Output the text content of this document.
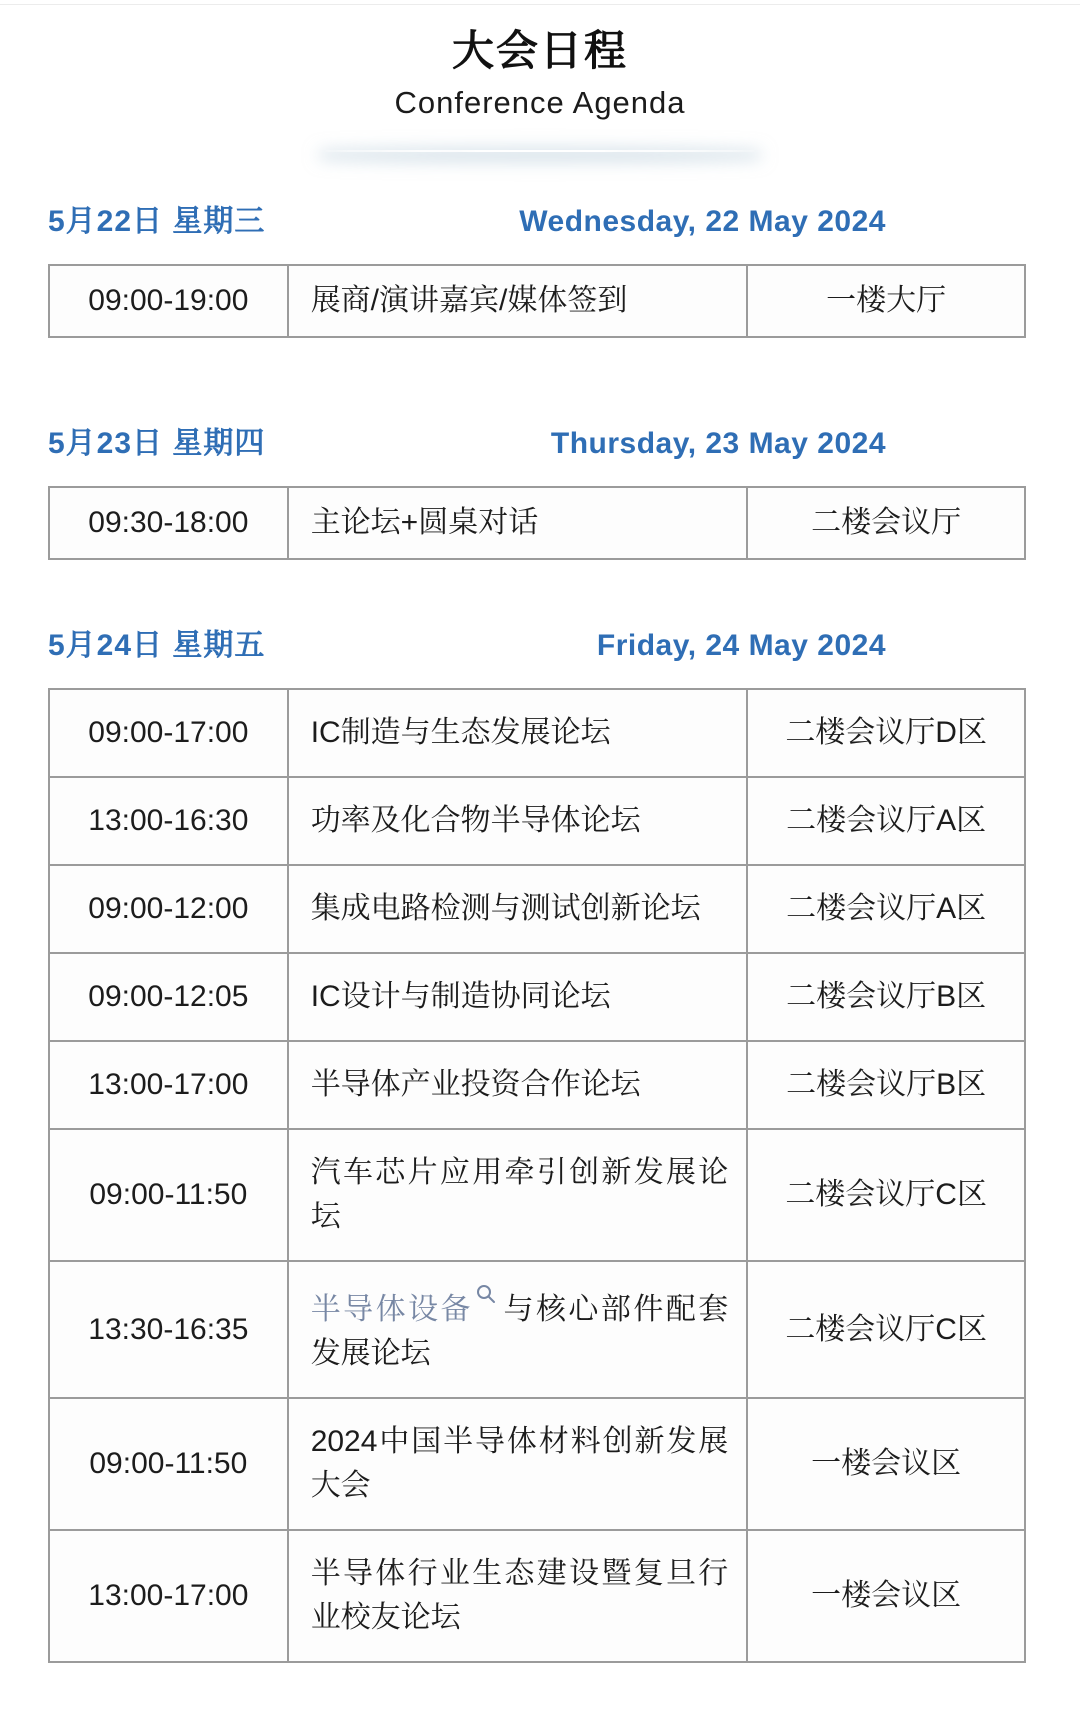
大会日程
Conference Agenda
5月22日 星期三	Wednesday, 22 May 2024
09:00-19:00	展商/演讲嘉宾/媒体签到	一楼大厅
5月23日 星期四	Thursday, 23 May 2024
09:30-18:00	主论坛+圆桌对话	二楼会议厅
5月24日 星期五	Friday, 24 May 2024
09:00-17:00	IC制造与生态发展论坛	二楼会议厅D区
13:00-16:30	功率及化合物半导体论坛	二楼会议厅A区
09:00-12:00	集成电路检测与测试创新论坛	二楼会议厅A区
09:00-12:05	IC设计与制造协同论坛	二楼会议厅B区
13:00-17:00	半导体产业投资合作论坛	二楼会议厅B区
09:00-11:50	汽车芯片应用牵引创新发展论坛	二楼会议厅C区
13:30-16:35	半导体设备 与核心部件配套发展论坛	二楼会议厅C区
09:00-11:50	2024中国半导体材料创新发展大会	一楼会议区
13:00-17:00	半导体行业生态建设暨复旦行业校友论坛	一楼会议区
